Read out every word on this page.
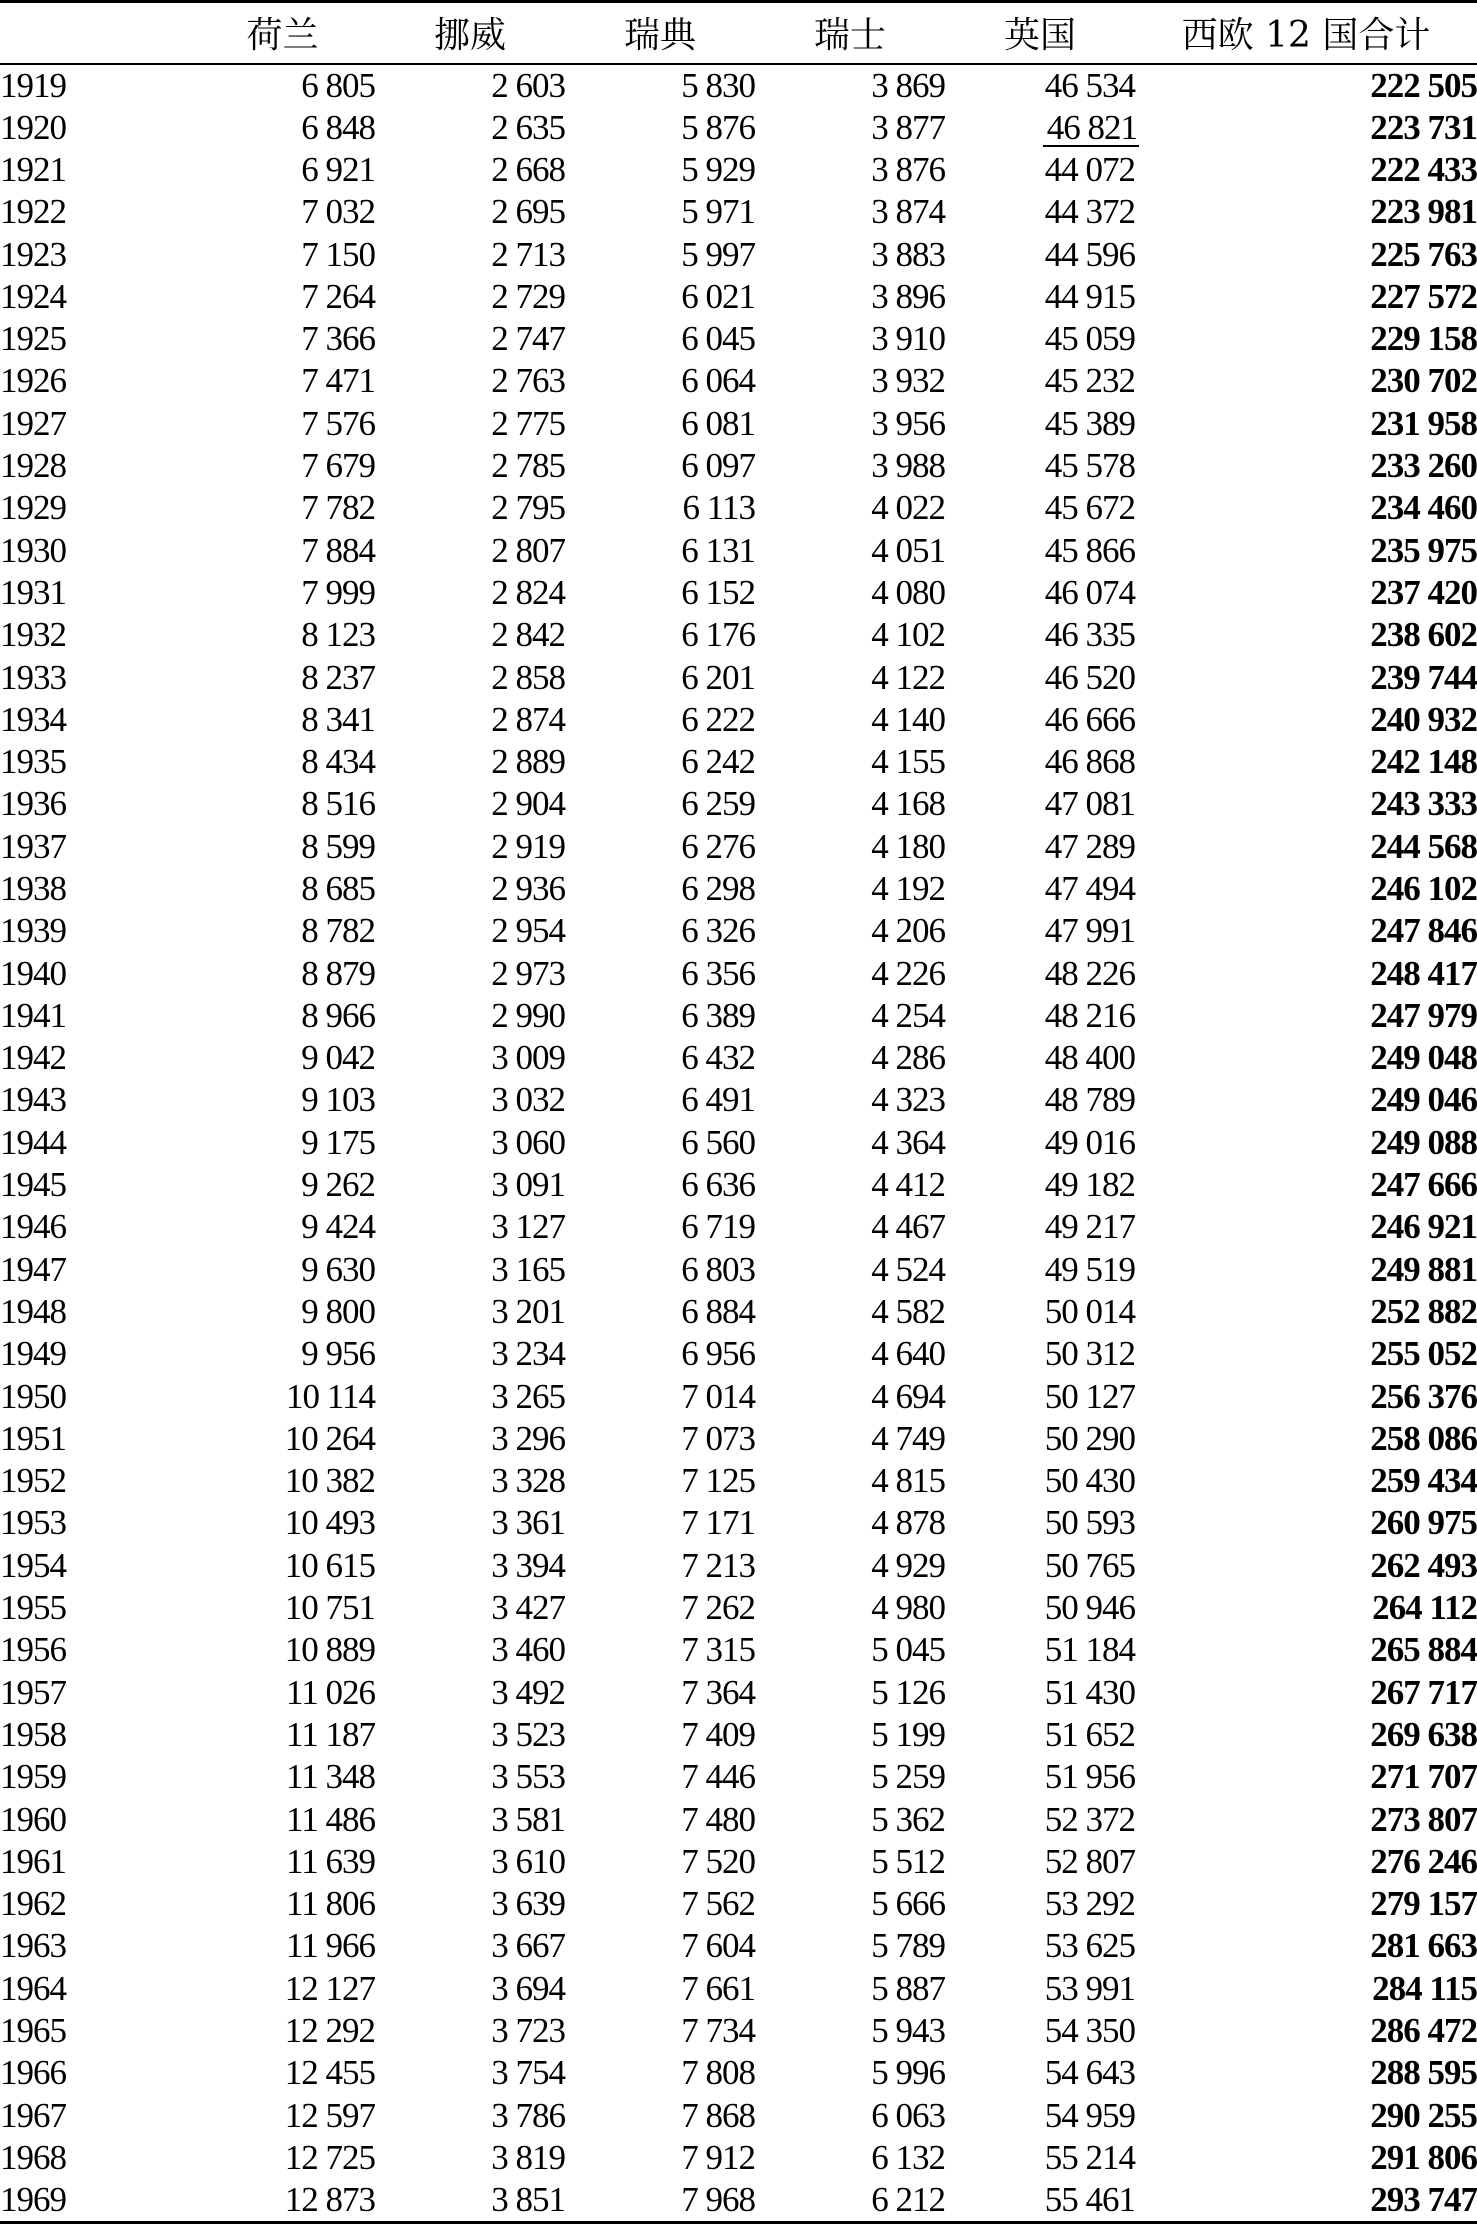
	荷兰	挪威	瑞典	瑞士	英国	西欧 12 国合计
1919	6 805	2 603	5 830	3 869	46 534	222 505
1920	6 848	2 635	5 876	3 877	46 821	223 731
1921	6 921	2 668	5 929	3 876	44 072	222 433
1922	7 032	2 695	5 971	3 874	44 372	223 981
1923	7 150	2 713	5 997	3 883	44 596	225 763
1924	7 264	2 729	6 021	3 896	44 915	227 572
1925	7 366	2 747	6 045	3 910	45 059	229 158
1926	7 471	2 763	6 064	3 932	45 232	230 702
1927	7 576	2 775	6 081	3 956	45 389	231 958
1928	7 679	2 785	6 097	3 988	45 578	233 260
1929	7 782	2 795	6 113	4 022	45 672	234 460
1930	7 884	2 807	6 131	4 051	45 866	235 975
1931	7 999	2 824	6 152	4 080	46 074	237 420
1932	8 123	2 842	6 176	4 102	46 335	238 602
1933	8 237	2 858	6 201	4 122	46 520	239 744
1934	8 341	2 874	6 222	4 140	46 666	240 932
1935	8 434	2 889	6 242	4 155	46 868	242 148
1936	8 516	2 904	6 259	4 168	47 081	243 333
1937	8 599	2 919	6 276	4 180	47 289	244 568
1938	8 685	2 936	6 298	4 192	47 494	246 102
1939	8 782	2 954	6 326	4 206	47 991	247 846
1940	8 879	2 973	6 356	4 226	48 226	248 417
1941	8 966	2 990	6 389	4 254	48 216	247 979
1942	9 042	3 009	6 432	4 286	48 400	249 048
1943	9 103	3 032	6 491	4 323	48 789	249 046
1944	9 175	3 060	6 560	4 364	49 016	249 088
1945	9 262	3 091	6 636	4 412	49 182	247 666
1946	9 424	3 127	6 719	4 467	49 217	246 921
1947	9 630	3 165	6 803	4 524	49 519	249 881
1948	9 800	3 201	6 884	4 582	50 014	252 882
1949	9 956	3 234	6 956	4 640	50 312	255 052
1950	10 114	3 265	7 014	4 694	50 127	256 376
1951	10 264	3 296	7 073	4 749	50 290	258 086
1952	10 382	3 328	7 125	4 815	50 430	259 434
1953	10 493	3 361	7 171	4 878	50 593	260 975
1954	10 615	3 394	7 213	4 929	50 765	262 493
1955	10 751	3 427	7 262	4 980	50 946	264 112
1956	10 889	3 460	7 315	5 045	51 184	265 884
1957	11 026	3 492	7 364	5 126	51 430	267 717
1958	11 187	3 523	7 409	5 199	51 652	269 638
1959	11 348	3 553	7 446	5 259	51 956	271 707
1960	11 486	3 581	7 480	5 362	52 372	273 807
1961	11 639	3 610	7 520	5 512	52 807	276 246
1962	11 806	3 639	7 562	5 666	53 292	279 157
1963	11 966	3 667	7 604	5 789	53 625	281 663
1964	12 127	3 694	7 661	5 887	53 991	284 115
1965	12 292	3 723	7 734	5 943	54 350	286 472
1966	12 455	3 754	7 808	5 996	54 643	288 595
1967	12 597	3 786	7 868	6 063	54 959	290 255
1968	12 725	3 819	7 912	6 132	55 214	291 806
1969	12 873	3 851	7 968	6 212	55 461	293 747
